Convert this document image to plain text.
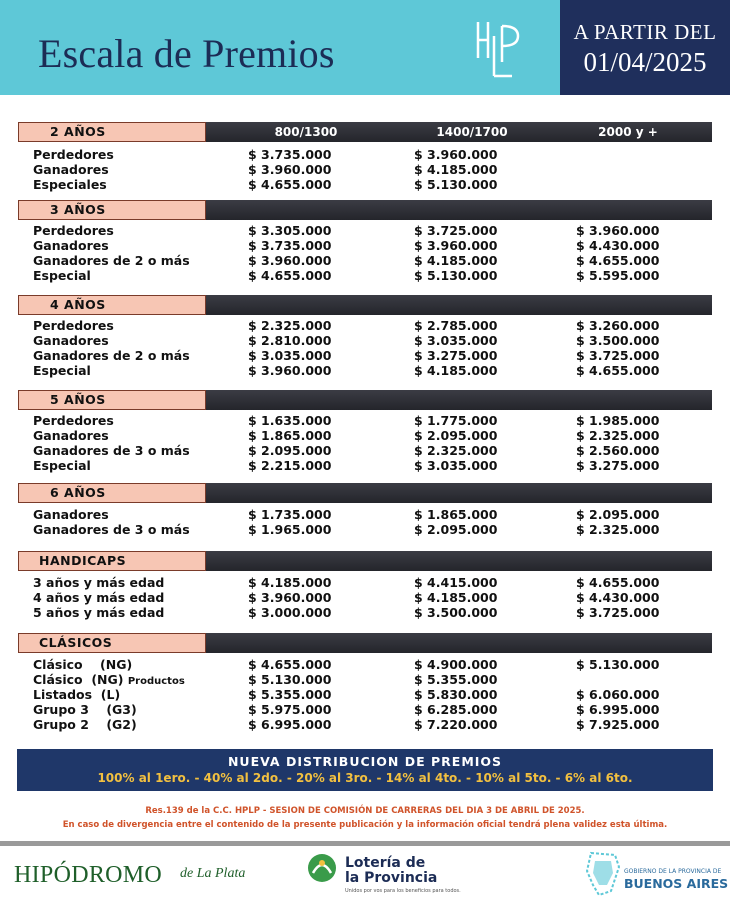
Escala de Premios	A PARTIR DEL
01/04/2025
2 AÑOS	800/1300	1400/1700	2000 y +
Perdedores	$ 3.735.000	$ 3.960.000
Ganadores	$ 3.960.000	$ 4.185.000
Especiales	$ 4.655.000	$ 5.130.000
3 AÑOS
Perdedores	$ 3.305.000	$ 3.725.000	$ 3.960.000
Ganadores	$ 3.735.000	$ 3.960.000	$ 4.430.000
Ganadores de 2 o más	$ 3.960.000	$ 4.185.000	$ 4.655.000
Especial	$ 4.655.000	$ 5.130.000	$ 5.595.000
4 AÑOS
Perdedores	$ 2.325.000	$ 2.785.000	$ 3.260.000
Ganadores	$ 2.810.000	$ 3.035.000	$ 3.500.000
Ganadores de 2 o más	$ 3.035.000	$ 3.275.000	$ 3.725.000
Especial	$ 3.960.000	$ 4.185.000	$ 4.655.000
5 AÑOS
Perdedores	$ 1.635.000	$ 1.775.000	$ 1.985.000
Ganadores	$ 1.865.000	$ 2.095.000	$ 2.325.000
Ganadores de 3 o más	$ 2.095.000	$ 2.325.000	$ 2.560.000
Especial	$ 2.215.000	$ 3.035.000	$ 3.275.000
6 AÑOS
Ganadores	$ 1.735.000	$ 1.865.000	$ 2.095.000
Ganadores de 3 o más	$ 1.965.000	$ 2.095.000	$ 2.325.000
HANDICAPS
3 años y más edad	$ 4.185.000	$ 4.415.000	$ 4.655.000
4 años y más edad	$ 3.960.000	$ 4.185.000	$ 4.430.000
5 años y más edad	$ 3.000.000	$ 3.500.000	$ 3.725.000
CLÁSICOS
Clásico    (NG)	$ 4.655.000	$ 4.900.000	$ 5.130.000
Clásico  (NG) Productos	$ 5.130.000	$ 5.355.000
Listados  (L)	$ 5.355.000	$ 5.830.000	$ 6.060.000
Grupo 3    (G3)	$ 5.975.000	$ 6.285.000	$ 6.995.000
Grupo 2    (G2)	$ 6.995.000	$ 7.220.000	$ 7.925.000
NUEVA DISTRIBUCION DE PREMIOS
100% al 1ero. - 40% al 2do. - 20% al 3ro. - 14% al 4to. - 10% al 5to. - 6% al 6to.
Res.139 de la C.C. HPLP - SESION DE COMISIÓN DE CARRERAS DEL DIA 3 DE ABRIL DE 2025.
En caso de divergencia entre el contenido de la presente publicación y la información oficial tendrá plena validez esta última.
HIPÓDROMO de La Plata
Lotería de
la Provincia
Unidos por vos para los beneficios para todos.
GOBIERNO DE LA PROVINCIA DE
BUENOS AIRES
